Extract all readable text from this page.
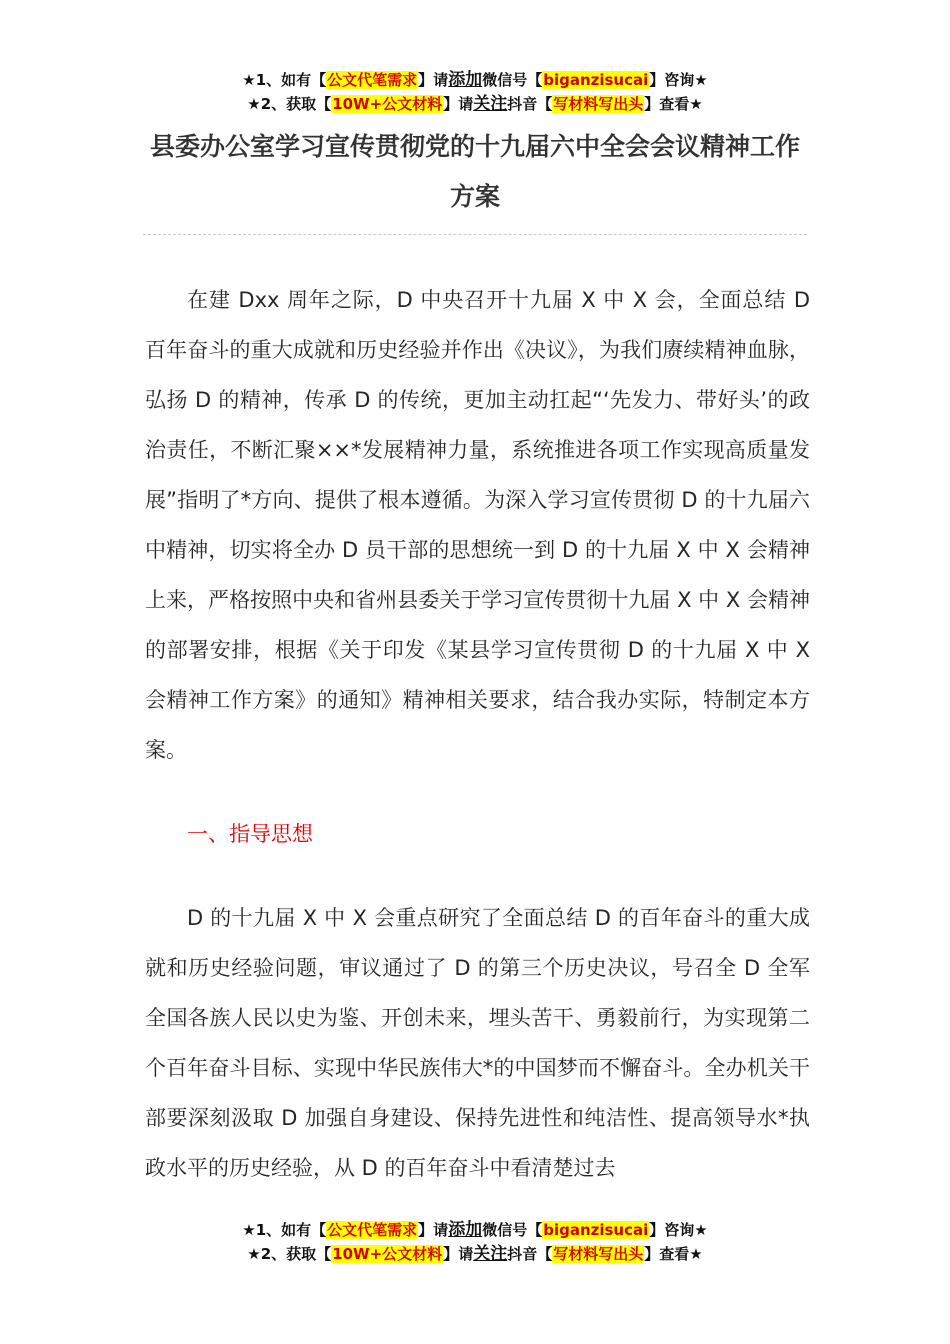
★1、如有【公文代笔需求】请添加微信号【biganzisucai】咨询★
★2、获取【10W+公文材料】请关注抖音【写材料写出头】查看★
县委办公室学习宣传贯彻党的十九届六中全会会议精神工作方案

在建 Dxx 周年之际，D 中央召开十九届 X 中 X 会，全面总结 D 百年奋斗的重大成就和历史经验并作出《决议》，为我们赓续精神血脉，弘扬 D 的精神，传承 D 的传统，更加主动扛起“‘先发力、带好头’的政治责任，不断汇聚××*发展精神力量，系统推进各项工作实现高质量发展”指明了*方向、提供了根本遵循。为深入学习宣传贯彻 D 的十九届六中精神，切实将全办 D 员干部的思想统一到 D 的十九届 X 中 X 会精神上来，严格按照中央和省州县委关于学习宣传贯彻十九届 X 中 X 会精神的部署安排，根据《关于印发《某县学习宣传贯彻 D 的十九届 X 中 X 会精神工作方案》的通知》精神相关要求，结合我办实际，特制定本方案。

一、指导思想

D 的十九届 X 中 X 会重点研究了全面总结 D 的百年奋斗的重大成就和历史经验问题，审议通过了 D 的第三个历史决议，号召全 D 全军全国各族人民以史为鉴、开创未来，埋头苦干、勇毅前行，为实现第二个百年奋斗目标、实现中华民族伟大*的中国梦而不懈奋斗。全办机关干部要深刻汲取 D 加强自身建设、保持先进性和纯洁性、提高领导水*执政水平的历史经验，从 D 的百年奋斗中看清楚过去

★1、如有【公文代笔需求】请添加微信号【biganzisucai】咨询★
★2、获取【10W+公文材料】请关注抖音【写材料写出头】查看★
